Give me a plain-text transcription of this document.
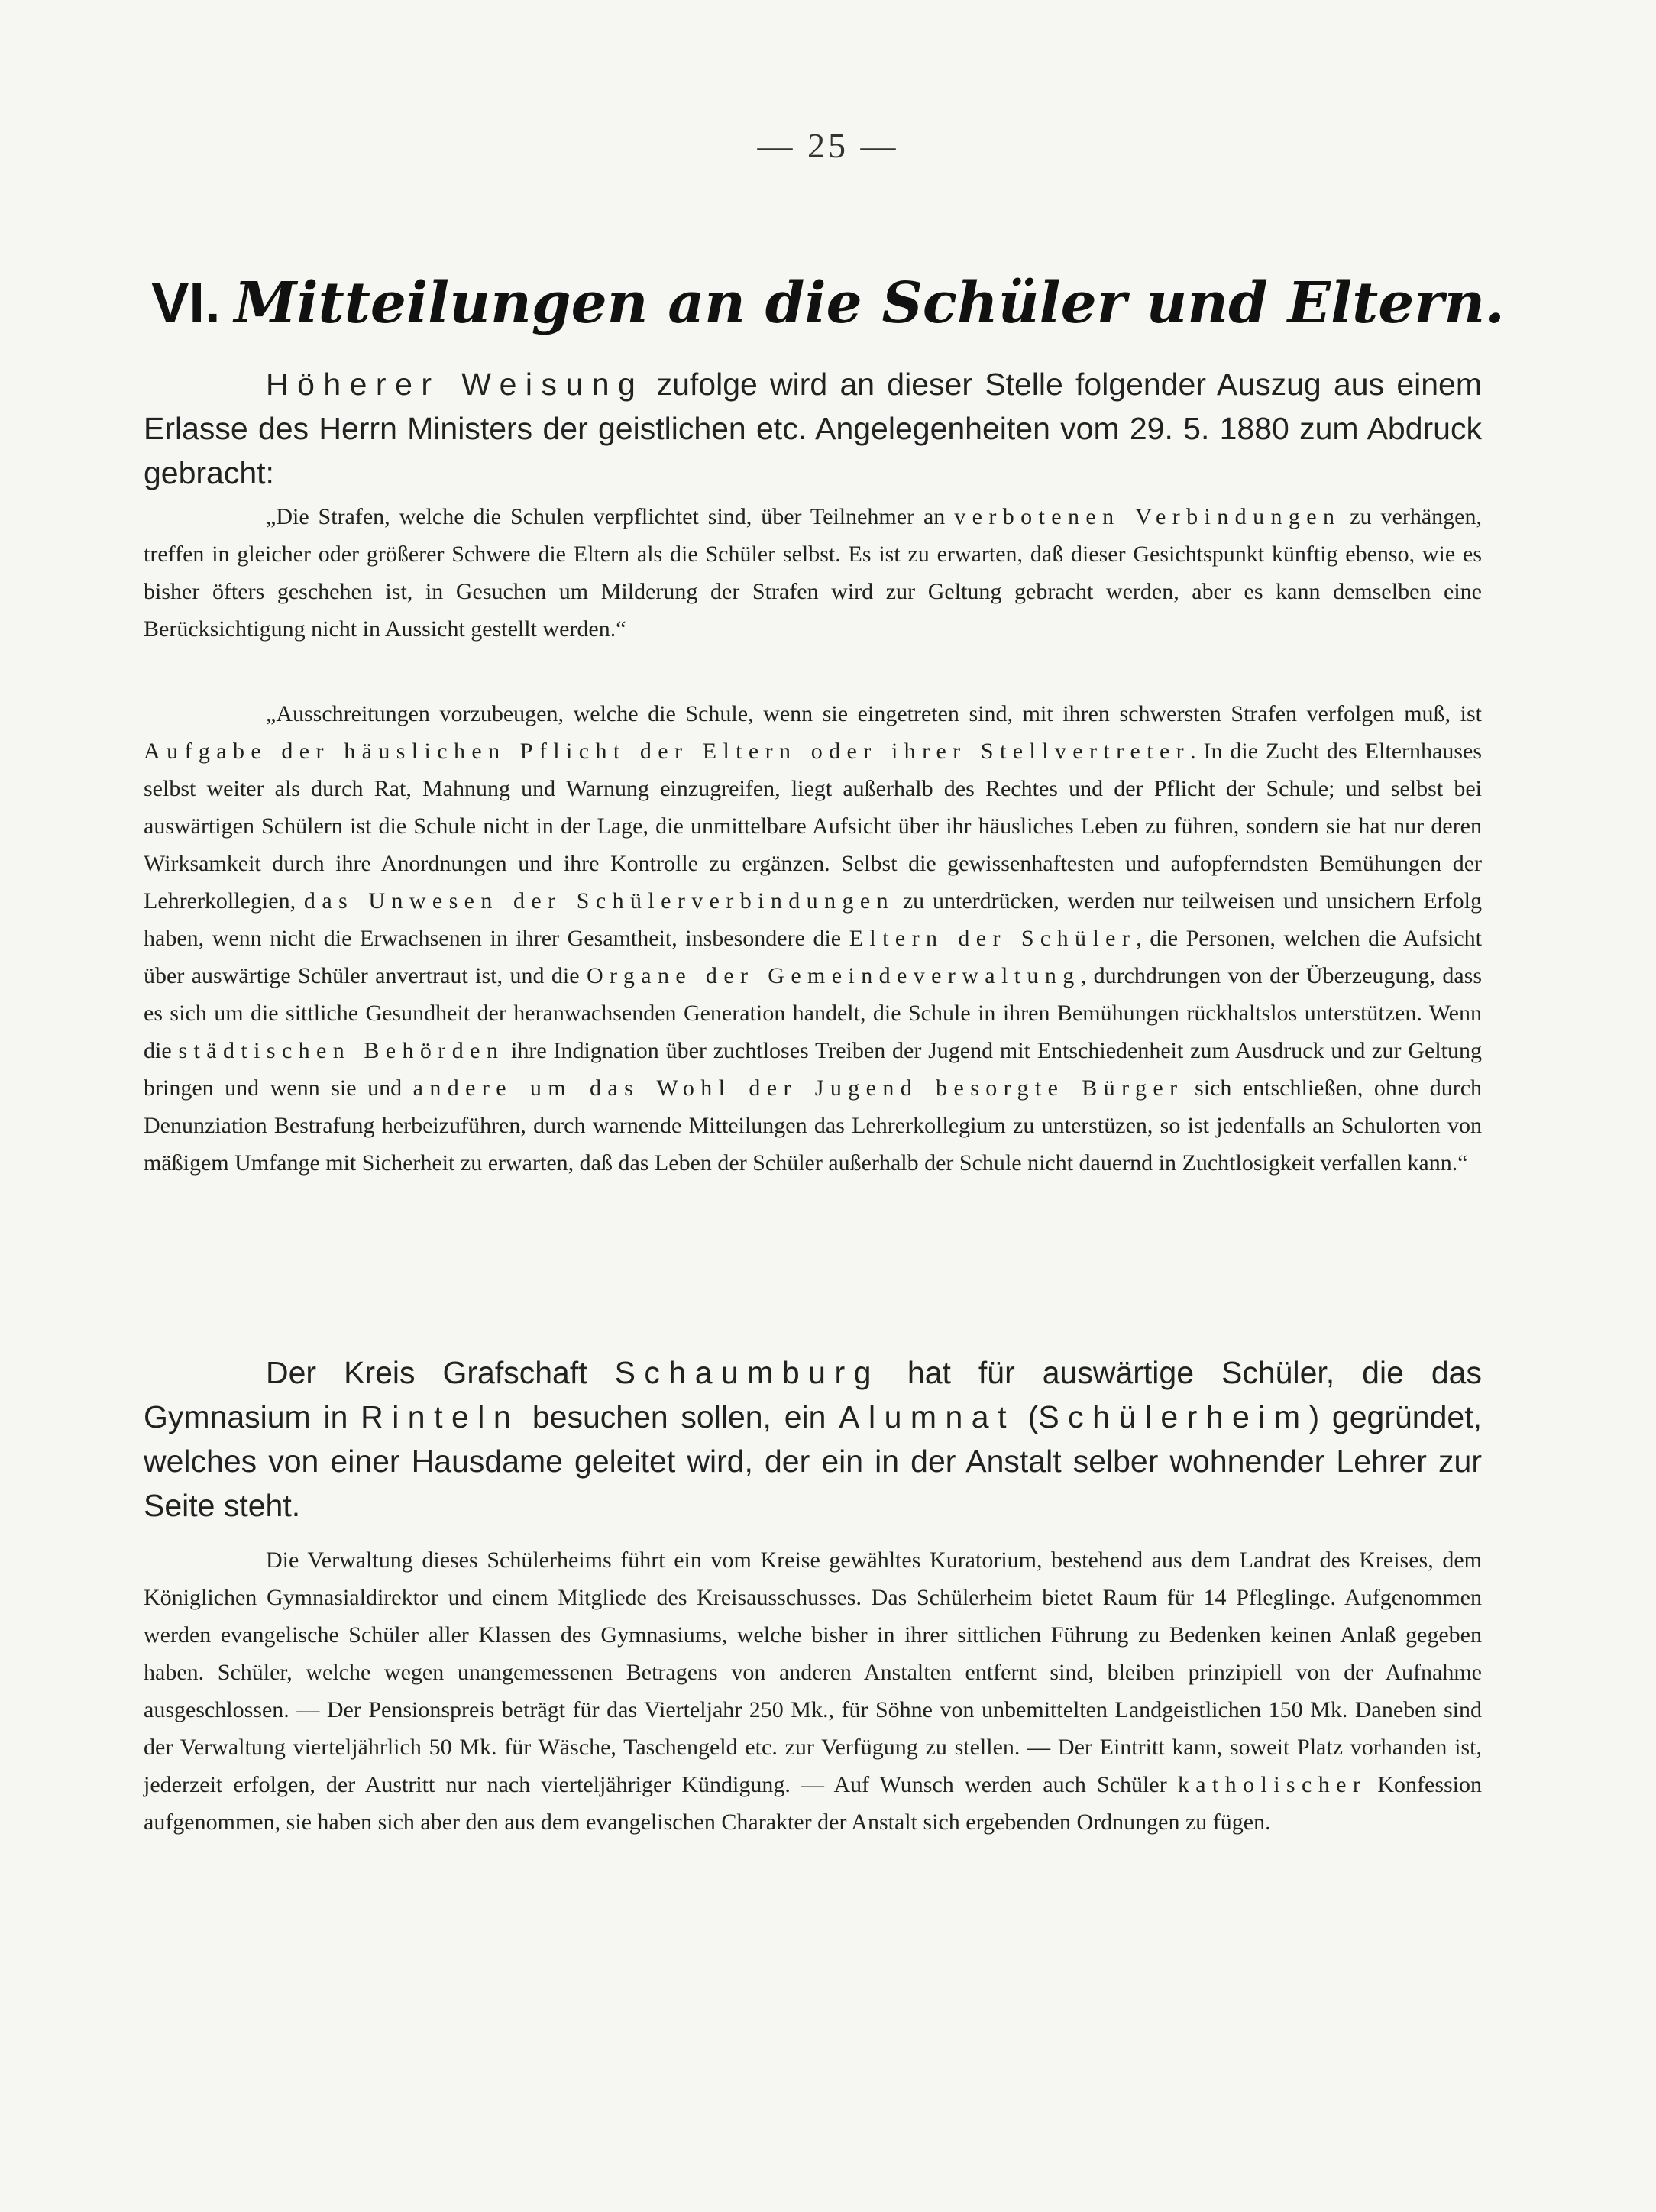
— 25 —
VI. Mitteilungen an die Schüler und Eltern.

Höherer Weisung zufolge wird an dieser Stelle folgender Auszug aus einem Erlasse des Herrn Ministers der geistlichen etc. Angelegenheiten vom 29. 5. 1880 zum Abdruck gebracht:

„Die Strafen, welche die Schulen verpflichtet sind, über Teilnehmer an verbotenen Verbindungen zu verhängen, treffen in gleicher oder größerer Schwere die Eltern als die Schüler selbst. Es ist zu erwarten, daß dieser Gesichtspunkt künftig ebenso, wie es bisher öfters geschehen ist, in Gesuchen um Milderung der Strafen wird zur Geltung gebracht werden, aber es kann demselben eine Berücksichtigung nicht in Aussicht gestellt werden.“

„Ausschreitungen vorzubeugen, welche die Schule, wenn sie eingetreten sind, mit ihren schwersten Strafen verfolgen muß, ist Aufgabe der häuslichen Pflicht der Eltern oder ihrer Stellvertreter. In die Zucht des Elternhauses selbst weiter als durch Rat, Mahnung und Warnung einzugreifen, liegt außerhalb des Rechtes und der Pflicht der Schule; und selbst bei auswärtigen Schülern ist die Schule nicht in der Lage, die unmittelbare Aufsicht über ihr häusliches Leben zu führen, sondern sie hat nur deren Wirksamkeit durch ihre Anordnungen und ihre Kontrolle zu ergänzen. Selbst die gewissenhaftesten und aufopferndsten Bemühungen der Lehrerkollegien, das Unwesen der Schülerverbindungen zu unterdrücken, werden nur teilweisen und unsichern Erfolg haben, wenn nicht die Erwachsenen in ihrer Gesamtheit, insbesondere die Eltern der Schüler, die Personen, welchen die Aufsicht über auswärtige Schüler anvertraut ist, und die Organe der Gemeindeverwaltung, durchdrungen von der Überzeugung, dass es sich um die sittliche Gesundheit der heranwachsenden Generation handelt, die Schule in ihren Bemühungen rückhaltslos unterstützen. Wenn die städtischen Behörden ihre Indignation über zuchtloses Treiben der Jugend mit Entschiedenheit zum Ausdruck und zur Geltung bringen und wenn sie und andere um das Wohl der Jugend besorgte Bürger sich entschließen, ohne durch Denunziation Bestrafung herbeizuführen, durch warnende Mitteilungen das Lehrerkollegium zu unterstüzen, so ist jedenfalls an Schulorten von mäßigem Umfange mit Sicherheit zu erwarten, daß das Leben der Schüler außerhalb der Schule nicht dauernd in Zuchtlosigkeit verfallen kann.“

Der Kreis Grafschaft Schaumburg hat für auswärtige Schüler, die das Gymnasium in Rinteln besuchen sollen, ein Alumnat (Schülerheim) gegründet, welches von einer Hausdame geleitet wird, der ein in der Anstalt selber wohnender Lehrer zur Seite steht.

Die Verwaltung dieses Schülerheims führt ein vom Kreise gewähltes Kuratorium, bestehend aus dem Landrat des Kreises, dem Königlichen Gymnasialdirektor und einem Mitgliede des Kreisausschusses. Das Schülerheim bietet Raum für 14 Pfleglinge. Aufgenommen werden evangelische Schüler aller Klassen des Gymnasiums, welche bisher in ihrer sittlichen Führung zu Bedenken keinen Anlaß gegeben haben. Schüler, welche wegen unangemessenen Betragens von anderen Anstalten entfernt sind, bleiben prinzipiell von der Aufnahme ausgeschlossen. — Der Pensionspreis beträgt für das Vierteljahr 250 Mk., für Söhne von unbemittelten Landgeistlichen 150 Mk. Daneben sind der Verwaltung vierteljährlich 50 Mk. für Wäsche, Taschengeld etc. zur Verfügung zu stellen. — Der Eintritt kann, soweit Platz vorhanden ist, jederzeit erfolgen, der Austritt nur nach vierteljähriger Kündigung. — Auf Wunsch werden auch Schüler katholischer Konfession aufgenommen, sie haben sich aber den aus dem evangelischen Charakter der Anstalt sich ergebenden Ordnungen zu fügen.
